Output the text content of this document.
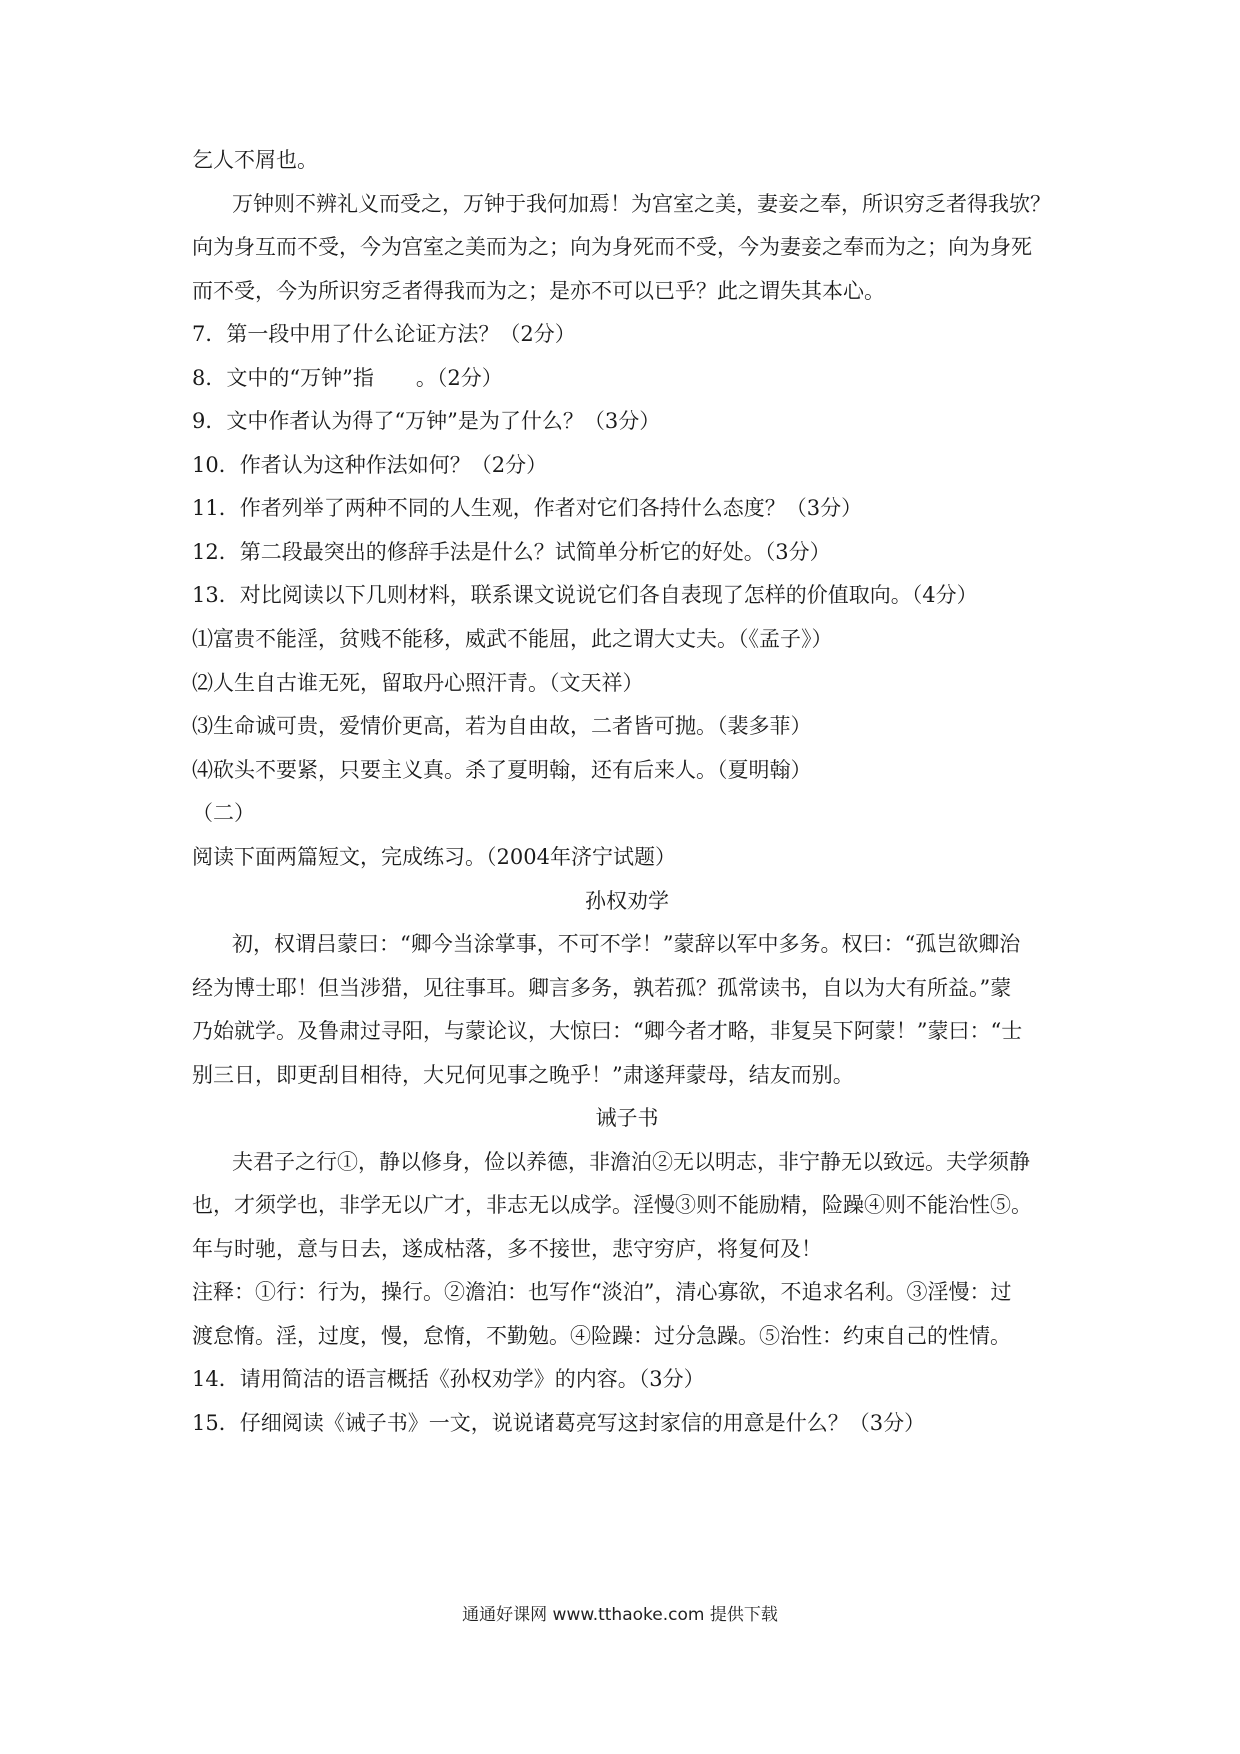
乞人不屑也。
万钟则不辨礼义而受之，万钟于我何加焉！为宫室之美，妻妾之奉，所识穷乏者得我欤？
向为身互而不受，今为宫室之美而为之；向为身死而不受，今为妻妾之奉而为之；向为身死
而不受，今为所识穷乏者得我而为之；是亦不可以已乎？此之谓失其本心。
7．第一段中用了什么论证方法？（2分）
8．文中的“万钟”指　　。（2分）
9．文中作者认为得了“万钟”是为了什么？（3分）
10．作者认为这种作法如何？（2分）
11．作者列举了两种不同的人生观，作者对它们各持什么态度？（3分）
12．第二段最突出的修辞手法是什么？试简单分析它的好处。（3分）
13．对比阅读以下几则材料，联系课文说说它们各自表现了怎样的价值取向。（4分）
⑴富贵不能淫，贫贱不能移，威武不能屈，此之谓大丈夫。（《孟子》）
⑵人生自古谁无死，留取丹心照汗青。（文天祥）
⑶生命诚可贵，爱情价更高，若为自由故，二者皆可抛。（裴多菲）
⑷砍头不要紧，只要主义真。杀了夏明翰，还有后来人。（夏明翰）
（二）
阅读下面两篇短文，完成练习。（2004年济宁试题）
孙权劝学
初，权谓吕蒙曰：“卿今当涂掌事，不可不学！”蒙辞以军中多务。权曰：“孤岂欲卿治
经为博士耶！但当涉猎，见往事耳。卿言多务，孰若孤？孤常读书，自以为大有所益。”蒙
乃始就学。及鲁肃过寻阳，与蒙论议，大惊曰：“卿今者才略，非复吴下阿蒙！”蒙曰：“士
别三日，即更刮目相待，大兄何见事之晚乎！”肃遂拜蒙母，结友而别。
诫子书
夫君子之行①，静以修身，俭以养德，非澹泊②无以明志，非宁静无以致远。夫学须静
也，才须学也，非学无以广才，非志无以成学。淫慢③则不能励精，险躁④则不能治性⑤。
年与时驰，意与日去，遂成枯落，多不接世，悲守穷庐，将复何及！
注释：①行：行为，操行。②澹泊：也写作“淡泊”，清心寡欲，不追求名利。③淫慢：过
渡怠惰。淫，过度，慢，怠惰，不勤勉。④险躁：过分急躁。⑤治性：约束自己的性情。
14．请用简洁的语言概括《孙权劝学》的内容。（3分）
15．仔细阅读《诫子书》一文，说说诸葛亮写这封家信的用意是什么？（3分）
通通好课网 www.tthaoke.com 提供下载
